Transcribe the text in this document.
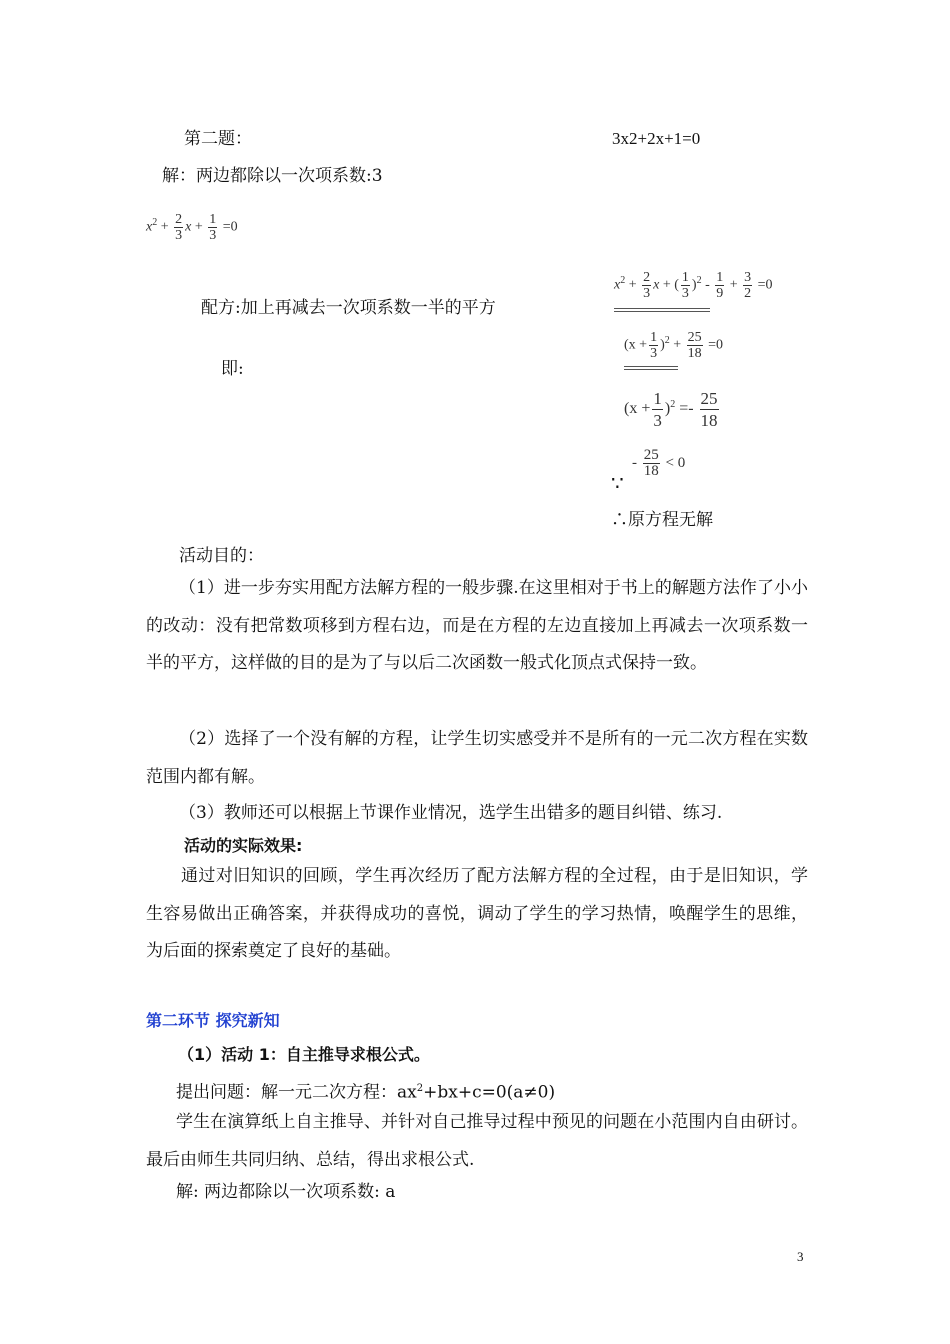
第二题：	3x2+2x+1=0
解：两边都除以一次项系数:3
$x^2 + \frac{2}{3}$ $x + \frac{1}{3} =0$
配方:加上再减去一次项系数一半的平方
$x^2 + \frac{2}{3}$ x + ( $\frac{1}{3} )^2 - \frac{1}{9} + \frac{3}{2} =0$
即:
$(x + \frac{1}{3} )^2 + \frac{25}{18} =0$
$(x + \frac{1}{3} )^2 =- \frac{25}{18}$
- $\frac{25}{18} < 0$
∵
∴原方程无解
活动目的：
（1）进一步夯实用配方法解方程的一般步骤.在这里相对于书上的解题方法作了小小的改动：没有把常数项移到方程右边，而是在方程的左边直接加上再减去一次项系数一半的平方，这样做的目的是为了与以后二次函数一般式化顶点式保持一致。
（2）选择了一个没有解的方程，让学生切实感受并不是所有的一元二次方程在实数范围内都有解。
（3）教师还可以根据上节课作业情况，选学生出错多的题目纠错、练习.
活动的实际效果:
通过对旧知识的回顾，学生再次经历了配方法解方程的全过程，由于是旧知识，学生容易做出正确答案，并获得成功的喜悦，调动了学生的学习热情，唤醒学生的思维，为后面的探索奠定了良好的基础。
第二环节 探究新知
（1）活动 1：自主推导求根公式。
提出问题：解一元二次方程：$ax^2+bx+c=0(a\ne 0)$
学生在演算纸上自主推导、并针对自己推导过程中预见的问题在小范围内自由研讨。最后由师生共同归纳、总结，得出求根公式.
解: 两边都除以一次项系数: a
3
